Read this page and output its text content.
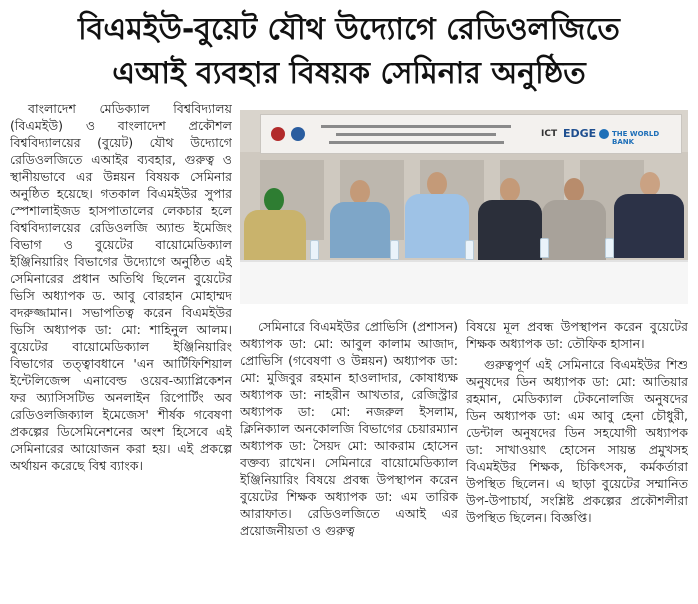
বিএমইউ-বুয়েট যৌথ উদ্যোগে রেডিওলজিতে
এআই ব্যবহার বিষয়ক সেমিনার অনুষ্ঠিত

বাংলাদেশ মেডিক্যাল বিশ্ববিদ্যালয় (বিএমইউ) ও বাংলাদেশ প্রকৌশল বিশ্ববিদ্যালয়ের (বুয়েট) যৌথ উদ্যোগে রেডিওলজিতে এআইর ব্যবহার, গুরুত্ব ও স্থানীয়ভাবে এর উন্নয়ন বিষয়ক সেমিনার অনুষ্ঠিত হয়েছে। গতকাল বিএমইউর সুপার স্পেশালাইজড হাসপাতালের লেকচার হলে বিশ্ববিদ্যালয়ের রেডিওলজি অ্যান্ড ইমেজিং বিভাগ ও বুয়েটের বায়োমেডিক্যাল ইঞ্জিনিয়ারিং বিভাগের উদ্যোগে অনুষ্ঠিত এই সেমিনারের প্রধান অতিথি ছিলেন বুয়েটের ভিসি অধ্যাপক ড. আবু বোরহান মোহাম্মদ বদরুজ্জামান। সভাপতিত্ব করেন বিএমইউর ভিসি অধ্যাপক ডা: মো: শাহিনুল আলম। বুয়েটের বায়োমেডিক্যাল ইঞ্জিনিয়ারিং বিভাগের তত্ত্বাবধানে 'এন আর্টিফিশিয়াল ইন্টেলিজেন্স এনাবেল্ড ওয়েব-অ্যাপ্লিকেশন ফর অ্যাসিসটিভ অনলাইন রিপোর্টিং অব রেডিওলজিক্যাল ইমেজেস' শীর্ষক গবেষণা প্রকল্পের ডিসেমিনেশনের অংশ হিসেবে এই সেমিনারের আয়োজন করা হয়। এই প্রকল্পে অর্থায়ন করেছে বিশ্ব ব্যাংক।

ICT EDGE THE WORLD BANK

সেমিনারে বিএমইউর প্রোভিসি (প্রশাসন) অধ্যাপক ডা: মো: আবুল কালাম আজাদ, প্রোভিসি (গবেষণা ও উন্নয়ন) অধ্যাপক ডা: মো: মুজিবুর রহমান হাওলাদার, কোষাধ্যক্ষ অধ্যাপক ডা: নাহরীন আখতার, রেজিস্ট্রার অধ্যাপক ডা: মো: নজরুল ইসলাম, ক্লিনিক্যাল অনকোলজি বিভাগের চেয়ারম্যান অধ্যাপক ডা: সৈয়দ মো: আকরাম হোসেন বক্তব্য রাখেন। সেমিনারে বায়োমেডিক্যাল ইঞ্জিনিয়ারিং বিষয়ে প্রবন্ধ উপস্থাপন করেন বুয়েটের শিক্ষক অধ্যাপক ডা: এম তারিক আরাফাত। রেডিওলজিতে এআই এর প্রয়োজনীয়তা ও গুরুত্ব

বিষয়ে মূল প্রবন্ধ উপস্থাপন করেন বুয়েটের শিক্ষক অধ্যাপক ডা: তৌফিক হাসান।

গুরুত্বপূর্ণ এই সেমিনারে বিএমইউর শিশু অনুষদের ডিন অধ্যাপক ডা: মো: আতিয়ার রহমান, মেডিক্যাল টেকনোলজি অনুষদের ডিন অধ্যাপক ডা: এম আবু হেনা চৌধুরী, ডেন্টাল অনুষদের ডিন সহযোগী অধ্যাপক ডা: সাখাওয়াৎ হোসেন সায়ন্ত প্রমুখসহ বিএমইউর শিক্ষক, চিকিৎসক, কর্মকর্তারা উপস্থিত ছিলেন। এ ছাড়া বুয়েটের সম্মানিত উপ-উপাচার্য, সংশ্লিষ্ট প্রকল্পের প্রকৌশলীরা উপস্থিত ছিলেন। বিজ্ঞপ্তি।
